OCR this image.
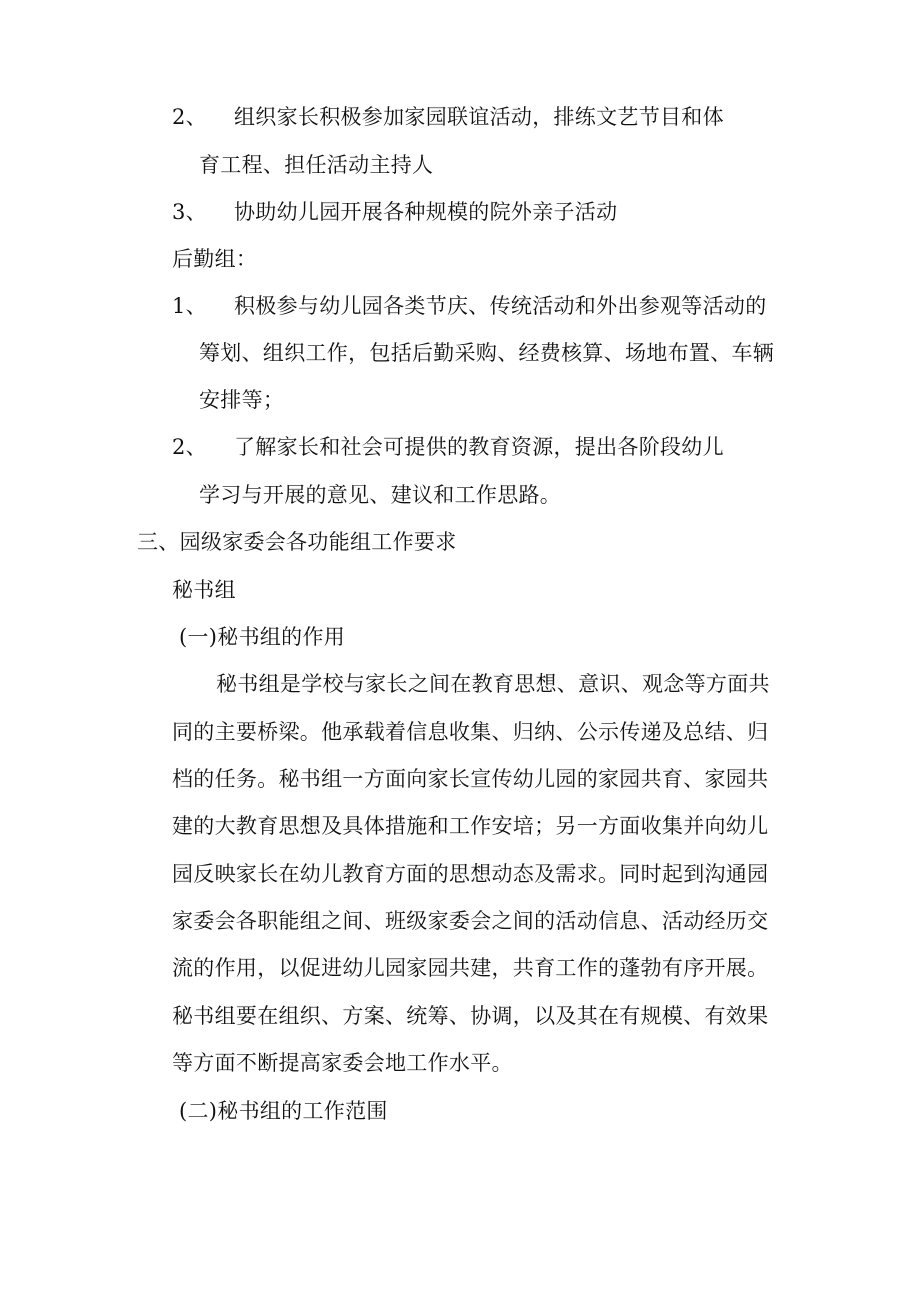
2、 组织家长积极参加家园联谊活动，排练文艺节目和体
育工程、担任活动主持人
3、 协助幼儿园开展各种规模的院外亲子活动
后勤组：
1、 积极参与幼儿园各类节庆、传统活动和外出参观等活动的
筹划、组织工作，包括后勤采购、经费核算、场地布置、车辆
安排等；
2、 了解家长和社会可提供的教育资源，提出各阶段幼儿
学习与开展的意见、建议和工作思路。
三、园级家委会各功能组工作要求
秘书组
(一)秘书组的作用
秘书组是学校与家长之间在教育思想、意识、观念等方面共
同的主要桥梁。他承载着信息收集、归纳、公示传递及总结、归
档的任务。秘书组一方面向家长宣传幼儿园的家园共育、家园共
建的大教育思想及具体措施和工作安培；另一方面收集并向幼儿
园反映家长在幼儿教育方面的思想动态及需求。同时起到沟通园
家委会各职能组之间、班级家委会之间的活动信息、活动经历交
流的作用，以促进幼儿园家园共建，共育工作的蓬勃有序开展。
秘书组要在组织、方案、统筹、协调，以及其在有规模、有效果
等方面不断提高家委会地工作水平。
(二)秘书组的工作范围
